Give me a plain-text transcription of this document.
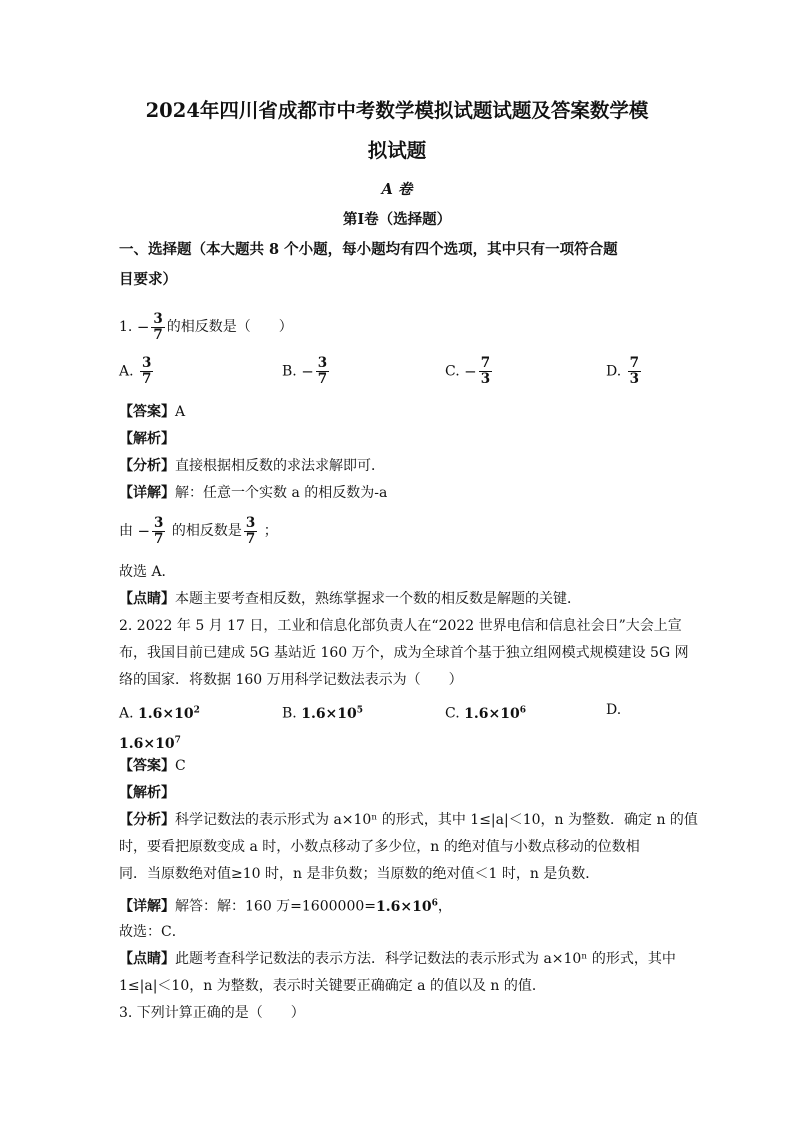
2024年四川省成都市中考数学模拟试题试题及答案数学模
拟试题
A 卷
第Ⅰ卷（选择题）
一、选择题（本大题共 8 个小题，每小题均有四个选项，其中只有一项符合题
目要求）
1. − $\frac{3}{7}$ 的相反数是（　　）
A. $\frac{3}{7}$	B. − $\frac{3}{7}$	C. − $\frac{7}{3}$	D. $\frac{7}{3}$
【答案】A
【解析】
【分析】直接根据相反数的求法求解即可．
【详解】解：任意一个实数 a 的相反数为-a
由 − $\frac{3}{7}$ 的相反数是 $\frac{3}{7}$ ；
故选 A．
【点睛】本题主要考查相反数，熟练掌握求一个数的相反数是解题的关键．
2. 2022 年 5 月 17 日，工业和信息化部负责人在“2022 世界电信和信息社会日”大会上宣
布，我国目前已建成 5G 基站近 160 万个，成为全球首个基于独立组网模式规模建设 5G 网
络的国家．将数据 160 万用科学记数法表示为（　　）
A. $1.6\times 10^2$	B. $1.6\times 10^5$	C. $1.6\times 10^6$	D.
$1.6\times 10^7$
【答案】C
【解析】
【分析】科学记数法的表示形式为 a×10ⁿ 的形式，其中 1≤|a|＜10，n 为整数．确定 n 的值
时，要看把原数变成 a 时，小数点移动了多少位，n 的绝对值与小数点移动的位数相
同．当原数绝对值≥10 时，n 是非负数；当原数的绝对值＜1 时，n 是负数．
【详解】解答：解：160 万$=1600000=1.6\times 10^6$，
故选：C．
【点睛】此题考查科学记数法的表示方法．科学记数法的表示形式为 a×10ⁿ 的形式，其中
1≤|a|＜10，n 为整数，表示时关键要正确确定 a 的值以及 n 的值．
3. 下列计算正确的是（　　）
